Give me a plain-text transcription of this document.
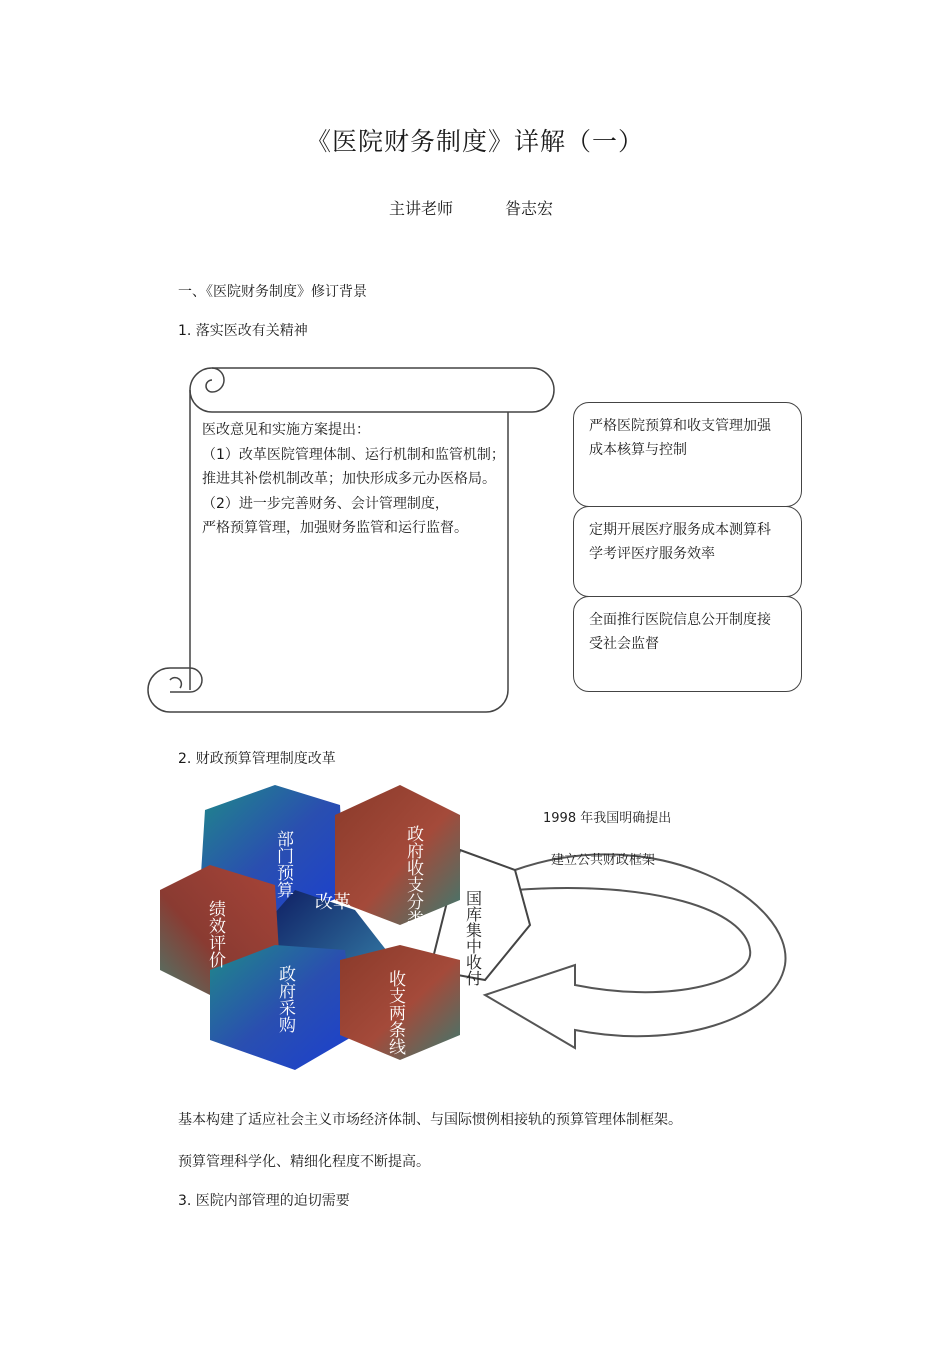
《医院财务制度》详解（一）
主讲老师	昝志宏
一、《医院财务制度》修订背景
1. 落实医改有关精神
医改意见和实施方案提出：
（1）改革医院管理体制、运行机制和监管机制；
推进其补偿机制改革；加快形成多元办医格局。
（2）进一步完善财务、会计管理制度，
严格预算管理，加强财务监管和运行监督。
严格医院预算和收支管理加强成本核算与控制
定期开展医疗服务成本测算科学考评医疗服务效率
全面推行医院信息公开制度接受社会监督
2. 财政预算管理制度改革
部门预算	政府收支分类
绩效评价
政府采购	收支两条线
改革	国库集中收付
1998 年我国明确提出
建立公共财政框架
基本构建了适应社会主义市场经济体制、与国际惯例相接轨的预算管理体制框架。
预算管理科学化、精细化程度不断提高。
3. 医院内部管理的迫切需要
